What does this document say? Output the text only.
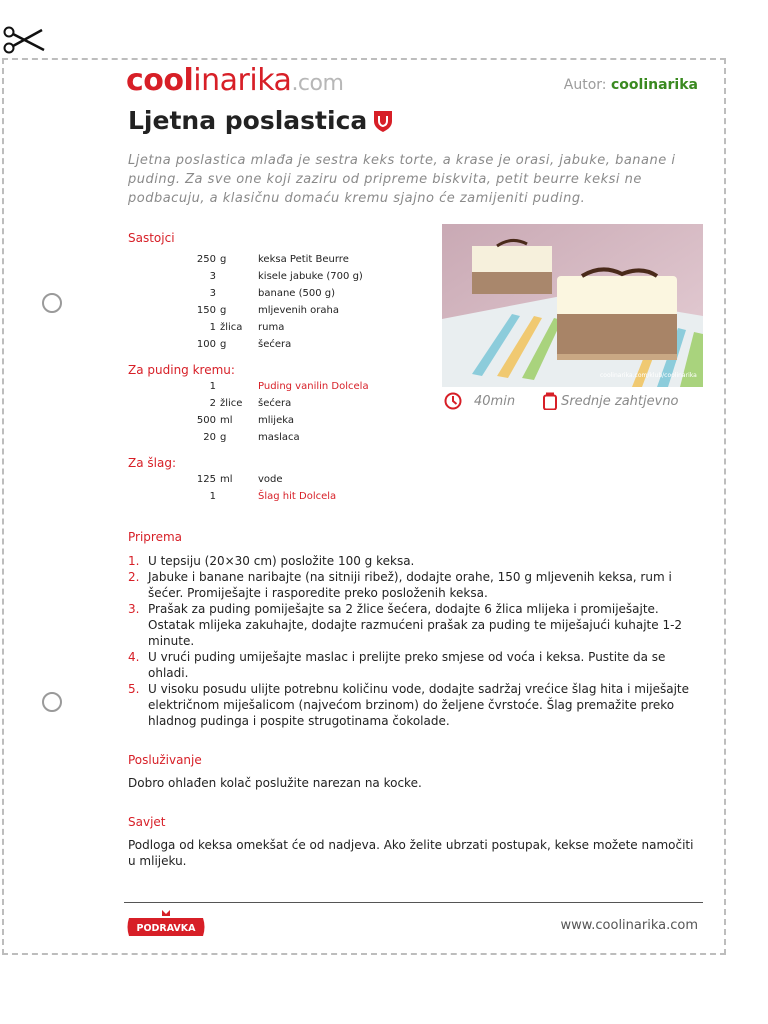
coolinarika.com	Autor: coolinarika
Ljetna poslastica
Ljetna poslastica mlađa je sestra keks torte, a krase je orasi, jabuke, banane i puding. Za sve one koji zaziru od pripreme biskvita, petit beurre keksi ne podbacuju, a klasičnu domaću kremu sjajno će zamijeniti puding.
Sastojci
250 g	keksa Petit Beurre
3	kisele jabuke (700 g)
3	banane (500 g)
150 g	mljevenih oraha
1 žlica	ruma
100 g	šećera
Za puding kremu:
1	Puding vanilin Dolcela
2 žlice	šećera
500 ml	mlijeka
20 g	maslaca
Za šlag:
125 ml	vode
1	Šlag hit Dolcela
coolinarika.com/klub/coolinarika
40min	Srednje zahtjevno
Priprema
1. U tepsiju (20×30 cm) posložite 100 g keksa.
2. Jabuke i banane naribajte (na sitniji ribež), dodajte orahe, 150 g mljevenih keksa, rum i šećer. Promiješajte i rasporedite preko posloženih keksa.
3. Prašak za puding pomiješajte sa 2 žlice šećera, dodajte 6 žlica mlijeka i promiješajte. Ostatak mlijeka zakuhajte, dodajte razmućeni prašak za puding te miješajući kuhajte 1-2 minute.
4. U vrući puding umiješajte maslac i prelijte preko smjese od voća i keksa. Pustite da se ohladi.
5. U visoku posudu ulijte potrebnu količinu vode, dodajte sadržaj vrećice šlag hita i miješajte električnom miješalicom (najvećom brzinom) do željene čvrstoće. Šlag premažite preko hladnog pudinga i pospite strugotinama čokolade.
Posluživanje
Dobro ohlađen kolač poslužite narezan na kocke.
Savjet
Podloga od keksa omekšat će od nadjeva. Ako želite ubrzati postupak, kekse možete namočiti u mlijeku.
PODRAVKA	www.coolinarika.com
